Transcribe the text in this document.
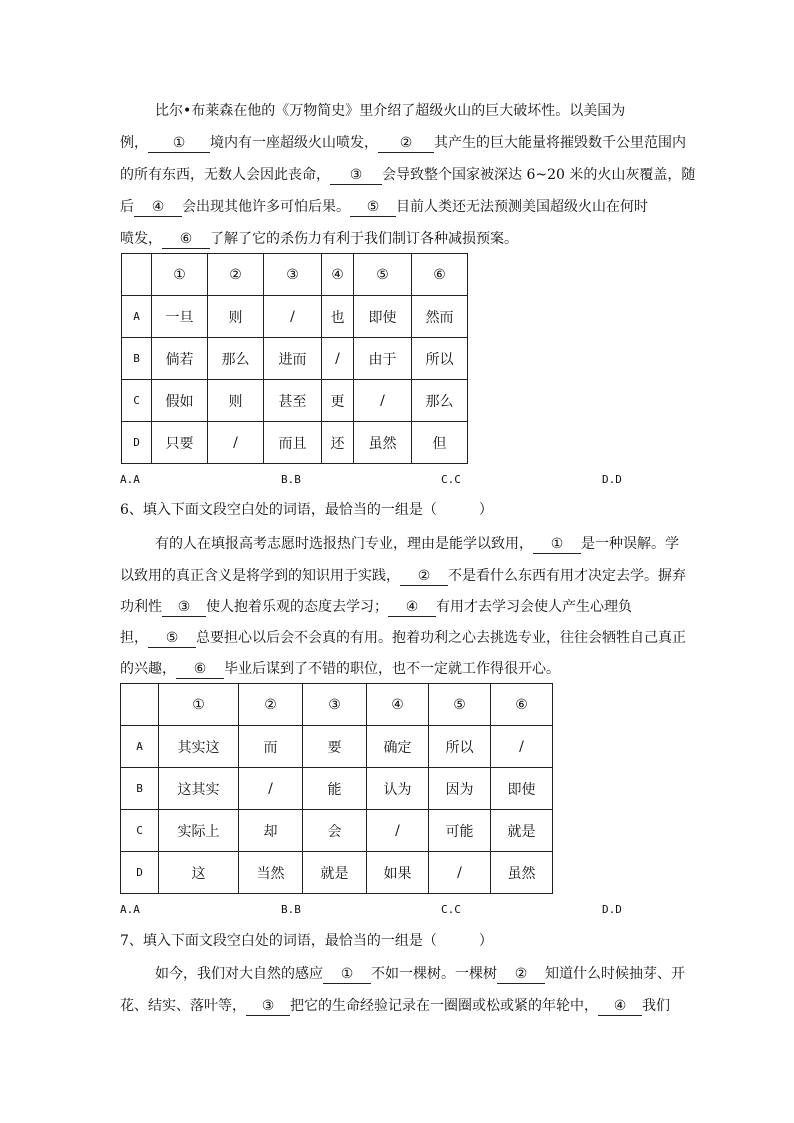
比尔•布莱森在他的《万物简史》里介绍了超级火山的巨大破坏性。以美国为
例， ① 境内有一座超级火山喷发， ② 其产生的巨大能量将摧毁数千公里范围内
的所有东西，无数人会因此丧命， ③ 会导致整个国家被深达 6~20 米的火山灰覆盖，随
后 ④ 会出现其他许多可怕后果。 ⑤ 目前人类还无法预测美国超级火山在何时
喷发， ⑥ 了解了它的杀伤力有利于我们制订各种减损预案。
	①	②	③	④	⑤	⑥
A	一旦	则	/	也	即使	然而
B	倘若	那么	进而	/	由于	所以
C	假如	则	甚至	更	/	那么
D	只要	/	而且	还	虽然	但
A.A	B.B	C.C	D.D
6、填入下面文段空白处的词语，最恰当的一组是（　　　）
有的人在填报高考志愿时选报热门专业，理由是能学以致用， ① 是一种误解。学
以致用的真正含义是将学到的知识用于实践， ② 不是看什么东西有用才决定去学。摒弃
功利性 ③ 使人抱着乐观的态度去学习； ④ 有用才去学习会使人产生心理负
担， ⑤ 总要担心以后会不会真的有用。抱着功利之心去挑选专业，往往会牺牲自己真正
的兴趣， ⑥ 毕业后谋到了不错的职位，也不一定就工作得很开心。
	①	②	③	④	⑤	⑥
A	其实这	而	要	确定	所以	/
B	这其实	/	能	认为	因为	即使
C	实际上	却	会	/	可能	就是
D	这	当然	就是	如果	/	虽然
A.A	B.B	C.C	D.D
7、填入下面文段空白处的词语，最恰当的一组是（　　　）
如今，我们对大自然的感应 ① 不如一棵树。一棵树 ② 知道什么时候抽芽、开
花、结实、落叶等， ③ 把它的生命经验记录在一圈圈或松或紧的年轮中， ④ 我们
